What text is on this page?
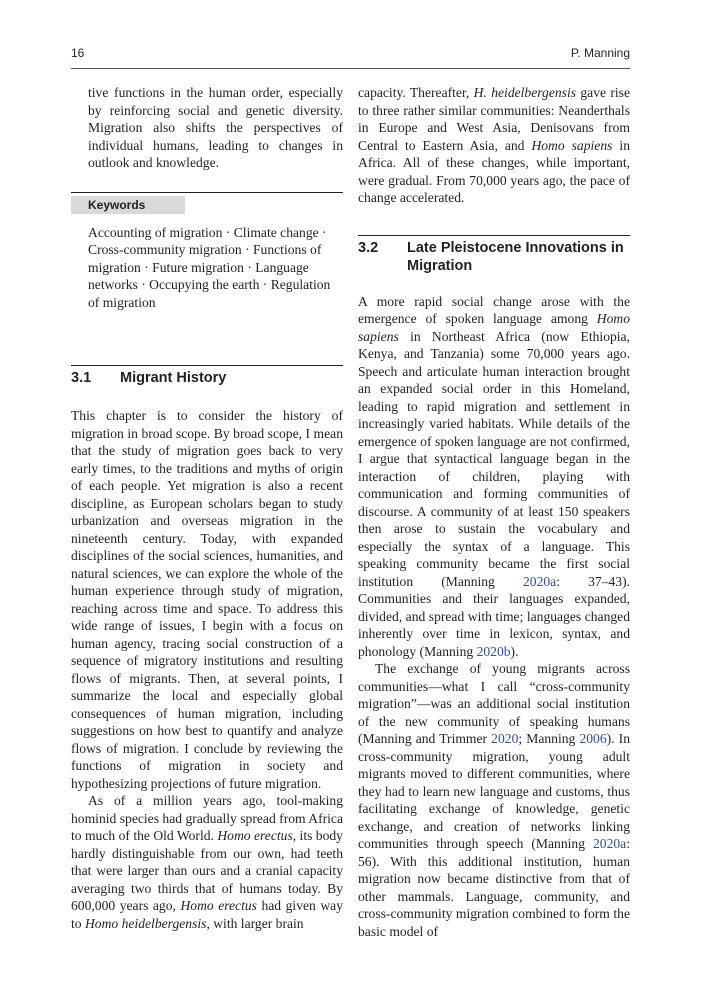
16	P. Manning

tive functions in the human order, especially by reinforcing social and genetic diversity. Migration also shifts the perspectives of individual humans, leading to changes in outlook and knowledge.

Keywords

Accounting of migration · Climate change · Cross-community migration · Functions of migration · Future migration · Language networks · Occupying the earth · Regulation of migration

3.1	Migrant History

This chapter is to consider the history of migration in broad scope. By broad scope, I mean that the study of migration goes back to very early times, to the traditions and myths of origin of each people. Yet migration is also a recent discipline, as European scholars began to study urbanization and overseas migration in the nineteenth century. Today, with expanded disciplines of the social sciences, humanities, and natural sciences, we can explore the whole of the human experience through study of migration, reaching across time and space. To address this wide range of issues, I begin with a focus on human agency, tracing social construction of a sequence of migratory institutions and resulting flows of migrants. Then, at several points, I summarize the local and especially global consequences of human migration, including suggestions on how best to quantify and analyze flows of migration. I conclude by reviewing the functions of migration in society and hypothesizing projections of future migration.

As of a million years ago, tool-making hominid species had gradually spread from Africa to much of the Old World. Homo erectus, its body hardly distinguishable from our own, had teeth that were larger than ours and a cranial capacity averaging two thirds that of humans today. By 600,000 years ago, Homo erectus had given way to Homo heidelbergensis, with larger brain

capacity. Thereafter, H. heidelbergensis gave rise to three rather similar communities: Neanderthals in Europe and West Asia, Denisovans from Central to Eastern Asia, and Homo sapiens in Africa. All of these changes, while important, were gradual. From 70,000 years ago, the pace of change accelerated.

3.2	Late Pleistocene Innovations in Migration

A more rapid social change arose with the emergence of spoken language among Homo sapiens in Northeast Africa (now Ethiopia, Kenya, and Tanzania) some 70,000 years ago. Speech and articulate human interaction brought an expanded social order in this Homeland, leading to rapid migration and settlement in increasingly varied habitats. While details of the emergence of spoken language are not confirmed, I argue that syntactical language began in the interaction of children, playing with communication and forming communities of discourse. A community of at least 150 speakers then arose to sustain the vocabulary and especially the syntax of a language. This speaking community became the first social institution (Manning 2020a: 37–43). Communities and their languages expanded, divided, and spread with time; languages changed inherently over time in lexicon, syntax, and phonology (Manning 2020b).

The exchange of young migrants across communities—what I call “cross-community migration”—was an additional social institution of the new community of speaking humans (Manning and Trimmer 2020; Manning 2006). In cross-community migration, young adult migrants moved to different communities, where they had to learn new language and customs, thus facilitating exchange of knowledge, genetic exchange, and creation of networks linking communities through speech (Manning 2020a: 56). With this additional institution, human migration now became distinctive from that of other mammals. Language, community, and cross-community migration combined to form the basic model of
